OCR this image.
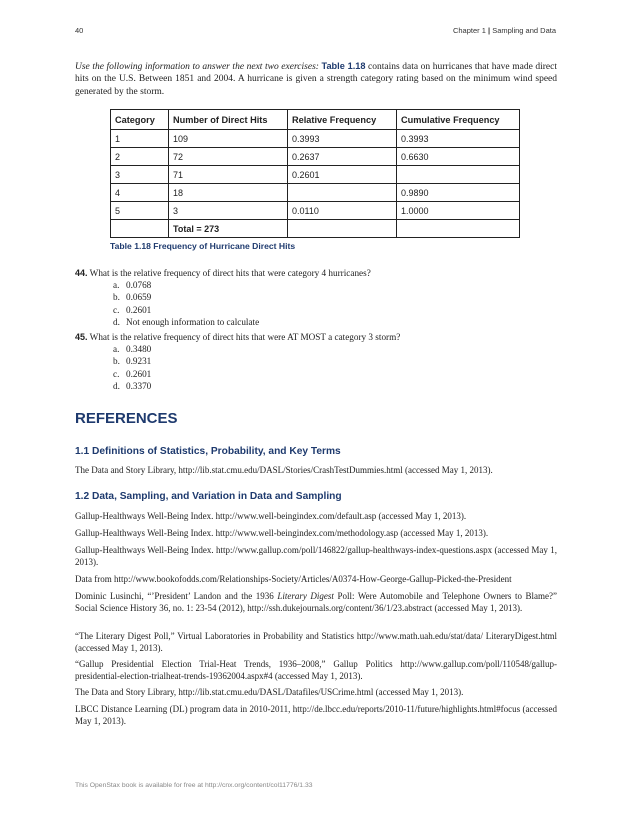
40	Chapter 1 | Sampling and Data

Use the following information to answer the next two exercises: Table 1.18 contains data on hurricanes that have made direct hits on the U.S. Between 1851 and 2004. A hurricane is given a strength category rating based on the minimum wind speed generated by the storm.

Category	Number of Direct Hits	Relative Frequency	Cumulative Frequency
1	109	0.3993	0.3993
2	72	0.2637	0.6630
3	71	0.2601	
4	18		0.9890
5	3	0.0110	1.0000
	Total = 273		
Table 1.18 Frequency of Hurricane Direct Hits
44. What is the relative frequency of direct hits that were category 4 hurricanes?
a. 0.0768
b. 0.0659
c. 0.2601
d. Not enough information to calculate
45. What is the relative frequency of direct hits that were AT MOST a category 3 storm?
a. 0.3480
b. 0.9231
c. 0.2601
d. 0.3370
REFERENCES
1.1 Definitions of Statistics, Probability, and Key Terms

The Data and Story Library, http://lib.stat.cmu.edu/DASL/Stories/CrashTestDummies.html (accessed May 1, 2013).

1.2 Data, Sampling, and Variation in Data and Sampling

Gallup-Healthways Well-Being Index. http://www.well-beingindex.com/default.asp (accessed May 1, 2013).

Gallup-Healthways Well-Being Index. http://www.well-beingindex.com/methodology.asp (accessed May 1, 2013).

Gallup-Healthways Well-Being Index. http://www.gallup.com/poll/146822/gallup-healthways-index-questions.aspx (accessed May 1, 2013).

Data from http://www.bookofodds.com/Relationships-Society/Articles/A0374-How-George-Gallup-Picked-the-President

Dominic Lusinchi, “’President’ Landon and the 1936 Literary Digest Poll: Were Automobile and Telephone Owners to Blame?” Social Science History 36, no. 1: 23-54 (2012), http://ssh.dukejournals.org/content/36/1/23.abstract (accessed May 1, 2013).

“The Literary Digest Poll,” Virtual Laboratories in Probability and Statistics http://www.math.uah.edu/stat/data/ LiteraryDigest.html (accessed May 1, 2013).

“Gallup Presidential Election Trial-Heat Trends, 1936–2008,” Gallup Politics http://www.gallup.com/poll/110548/gallup-presidential-election-trialheat-trends-19362004.aspx#4 (accessed May 1, 2013).

The Data and Story Library, http://lib.stat.cmu.edu/DASL/Datafiles/USCrime.html (accessed May 1, 2013).

LBCC Distance Learning (DL) program data in 2010-2011, http://de.lbcc.edu/reports/2010-11/future/highlights.html#focus (accessed May 1, 2013).

This OpenStax book is available for free at http://cnx.org/content/col11776/1.33
